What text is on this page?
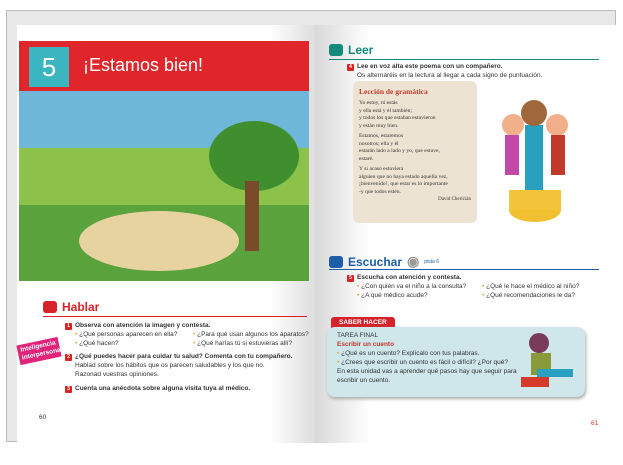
5	¡Estamos bien!
Hablar
Inteligencia interpersonal
1 Observa con atención la imagen y contesta.
• ¿Qué personas aparecen en ella?	• ¿Para qué usan algunos los aparatos?
• ¿Qué hacen?	• ¿Qué harías tú si estuvieras allí?
2 ¿Qué puedes hacer para cuidar tu salud? Comenta con tu compañero.
Hablad sobre los hábitos que os parecen saludables y los que no.
Razonad vuestras opiniones.
3 Cuenta una anécdota sobre alguna visita tuya al médico.
60
Leer
4 Lee en voz alta este poema con un compañero.
Os alternaréis en la lectura al llegar a cada signo de puntuación.
Lección de gramática

Yo estoy, tú estás

y ella está y él también;

y todos los que estaban estuvieron

y están muy bien.

Estamos, estaremos

nosotros; ella y él

estarán lado a lado y yo, que estuve,

estaré.

Y si acaso estuviera

alguien que no haya estado aquella vez,

¡bienvenido!, que estar es lo importante

-y que todos estén.

David Chericián

Escuchar ◉ pista 6
5 Escucha con atención y contesta.
• ¿Con quién va el niño a la consulta?	• ¿Qué le hace el médico al niño?
• ¿A qué médico acude?	• ¿Qué recomendaciones le da?
SABER HACER
TAREA FINAL
Escribir un cuento
• ¿Qué es un cuento? Explícalo con tus palabras.
• ¿Crees que escribir un cuento es fácil o difícil? ¿Por qué?
En esta unidad vas a aprender qué pasos hay que seguir para escribir un cuento.
61
